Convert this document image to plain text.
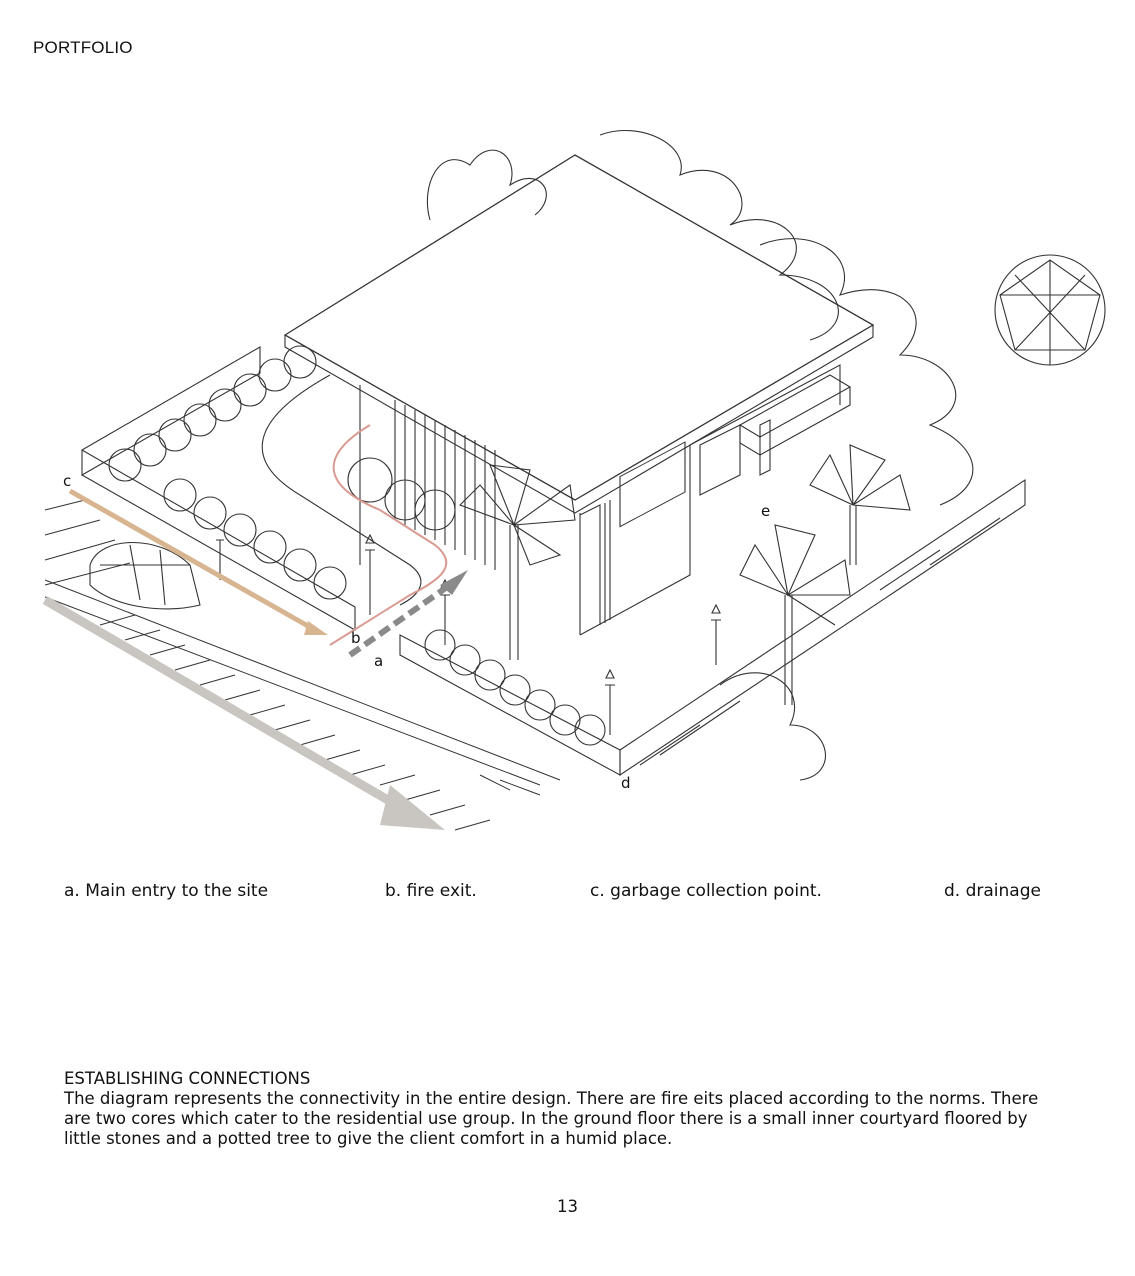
PORTFOLIO
c
b
a
d
e
a. Main entry to the site	b. fire exit.	c. garbage collection point.	d. drainage
ESTABLISHING CONNECTIONS
The diagram represents the connectivity in the entire design. There are fire eits placed according to the norms. There are two cores which cater to the residential use group. In the ground floor there is a small inner courtyard floored by little stones and a potted tree to give the client comfort in a humid place.
13
